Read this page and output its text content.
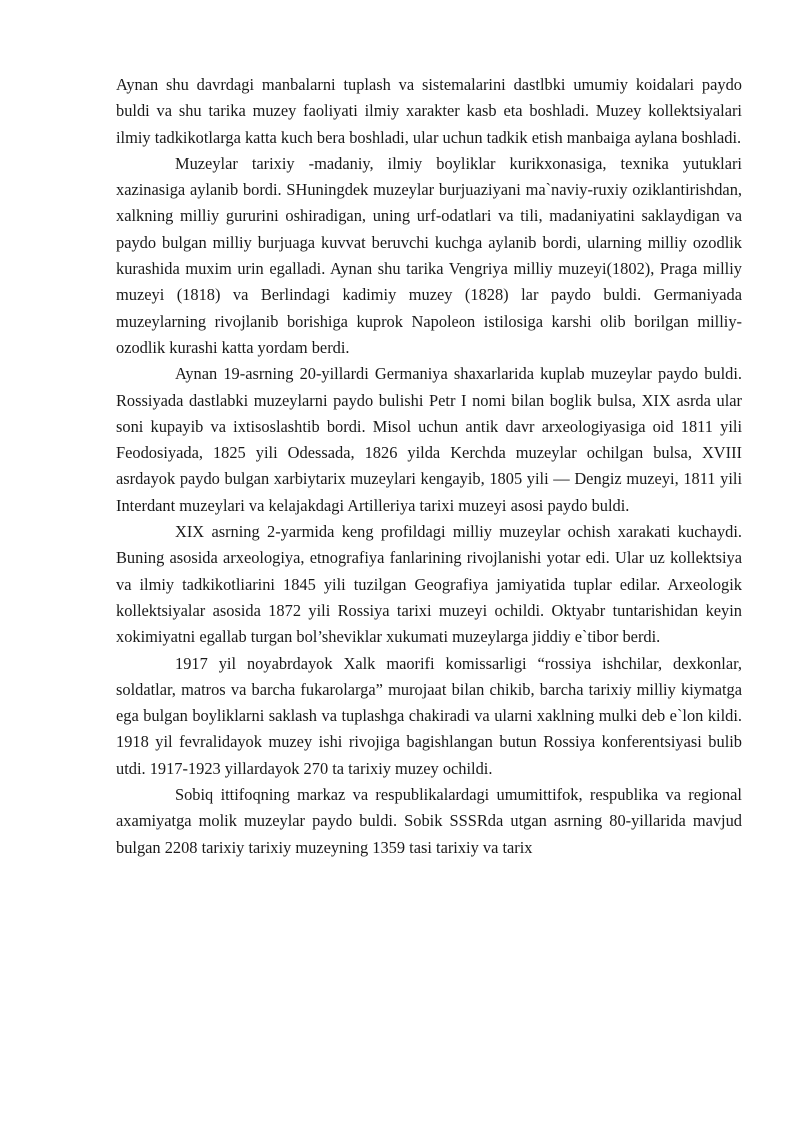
Aynan shu davrdagi manbalarni tuplash va sistemalarini dastlbki umumiy koidalari paydo buldi va shu tarika muzey faoliyati ilmiy xarakter kasb eta boshladi. Muzey kollektsiyalari ilmiy tadkikotlarga katta kuch bera boshladi, ular uchun tadkik etish manbaiga aylana boshladi.

Muzeylar tarixiy -madaniy, ilmiy boyliklar kurikxonasiga, texnika yutuklari xazinasiga aylanib bordi. SHuningdek muzeylar burjuaziyani ma`naviy-ruxiy oziklantirishdan, xalkning milliy gururini oshiradigan, uning urf-odatlari va tili, madaniyatini saklaydigan va paydo bulgan milliy burjuaga kuvvat beruvchi kuchga aylanib bordi, ularning milliy ozodlik kurashida muxim urin egalladi. Aynan shu tarika Vengriya milliy muzeyi(1802), Praga milliy muzeyi (1818) va Berlindagi kadimiy muzey (1828) lar paydo buldi. Germaniyada muzeylarning rivojlanib borishiga kuprok Napoleon istilosiga karshi olib borilgan milliy-ozodlik kurashi katta yordam berdi.

Aynan 19-asrning 20-yillardi Germaniya shaxarlarida kuplab muzeylar paydo buldi. Rossiyada dastlabki muzeylarni paydo bulishi Petr I nomi bilan boglik bulsa, XIX asrda ular soni kupayib va ixtisoslashtib bordi. Misol uchun antik davr arxeologiyasiga oid 1811 yili Feodosiyada, 1825 yili Odessada, 1826 yilda Kerchda muzeylar ochilgan bulsa, XVIII asrdayok paydo bulgan xarbiytarix muzeylari kengayib, 1805 yili — Dengiz muzeyi, 1811 yili Interdant muzeylari va kelajakdagi Artilleriya tarixi muzeyi asosi paydo buldi.

XIX asrning 2-yarmida keng profildagi milliy muzeylar ochish xarakati kuchaydi. Buning asosida arxeologiya, etnografiya fanlarining rivojlanishi yotar edi. Ular uz kollektsiya va ilmiy tadkikotliarini 1845 yili tuzilgan Geografiya jamiyatida tuplar edilar. Arxeologik kollektsiyalar asosida 1872 yili Rossiya tarixi muzeyi ochildi. Oktyabr tuntarishidan keyin xokimiyatni egallab turgan bol’sheviklar xukumati muzeylarga jiddiy e`tibor berdi.

1917 yil noyabrdayok Xalk maorifi komissarligi “rossiya ishchilar, dexkonlar, soldatlar, matros va barcha fukarolarga” murojaat bilan chikib, barcha tarixiy milliy kiymatga ega bulgan boyliklarni saklash va tuplashga chakiradi va ularni xaklning mulki deb e`lon kildi. 1918 yil fevralidayok muzey ishi rivojiga bagishlangan butun Rossiya konferentsiyasi bulib utdi. 1917-1923 yillardayok 270 ta tarixiy muzey ochildi.

Sobiq ittifoqning markaz va respublikalardagi umumittifok, respublika va regional axamiyatga molik muzeylar paydo buldi. Sobik SSSRda utgan asrning 80-yillarida mavjud bulgan 2208 tarixiy tarixiy muzeyning 1359 tasi tarixiy va tarix
